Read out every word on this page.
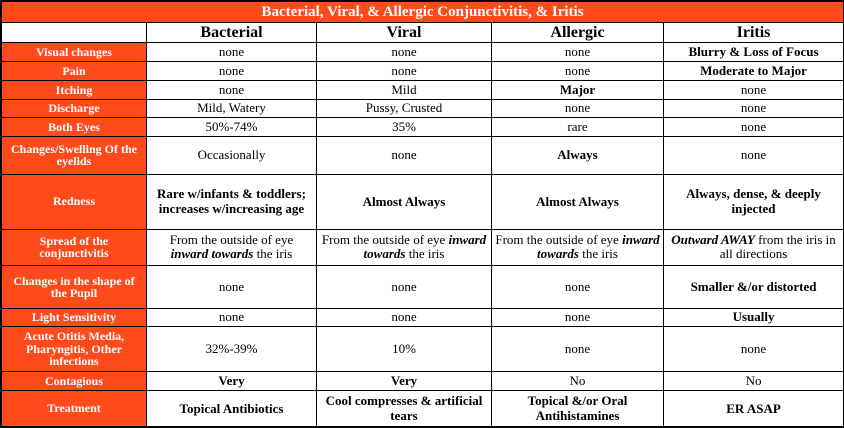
Bacterial, Viral, & Allergic Conjunctivitis, & Iritis				
	Bacterial	Viral	Allergic	Iritis
Visual changes	none	none	none	Blurry & Loss of Focus
Pain	none	none	none	Moderate to Major
Itching	none	Mild	Major	none
Discharge	Mild, Watery	Pussy, Crusted	none	none
Both Eyes	50%-74%	35%	rare	none
Changes/Swelling Of the eyelids	Occasionally	none	Always	none
Redness	Rare w/infants & toddlers; increases w/increasing age	Almost Always	Almost Always	Always, dense, & deeply injected
Spread of the conjunctivitis	From the outside of eye inward towards the iris	From the outside of eye inward towards the iris	From the outside of eye inward towards the iris	Outward AWAY from the iris in all directions
Changes in the shape of the Pupil	none	none	none	Smaller &/or distorted
Light Sensitivity	none	none	none	Usually
Acute Otitis Media, Pharyngitis, Other infections	32%-39%	10%	none	none
Contagious	Very	Very	No	No
Treatment	Topical Antibiotics	Cool compresses & artificial tears	Topical &/or Oral Antihistamines	ER ASAP
